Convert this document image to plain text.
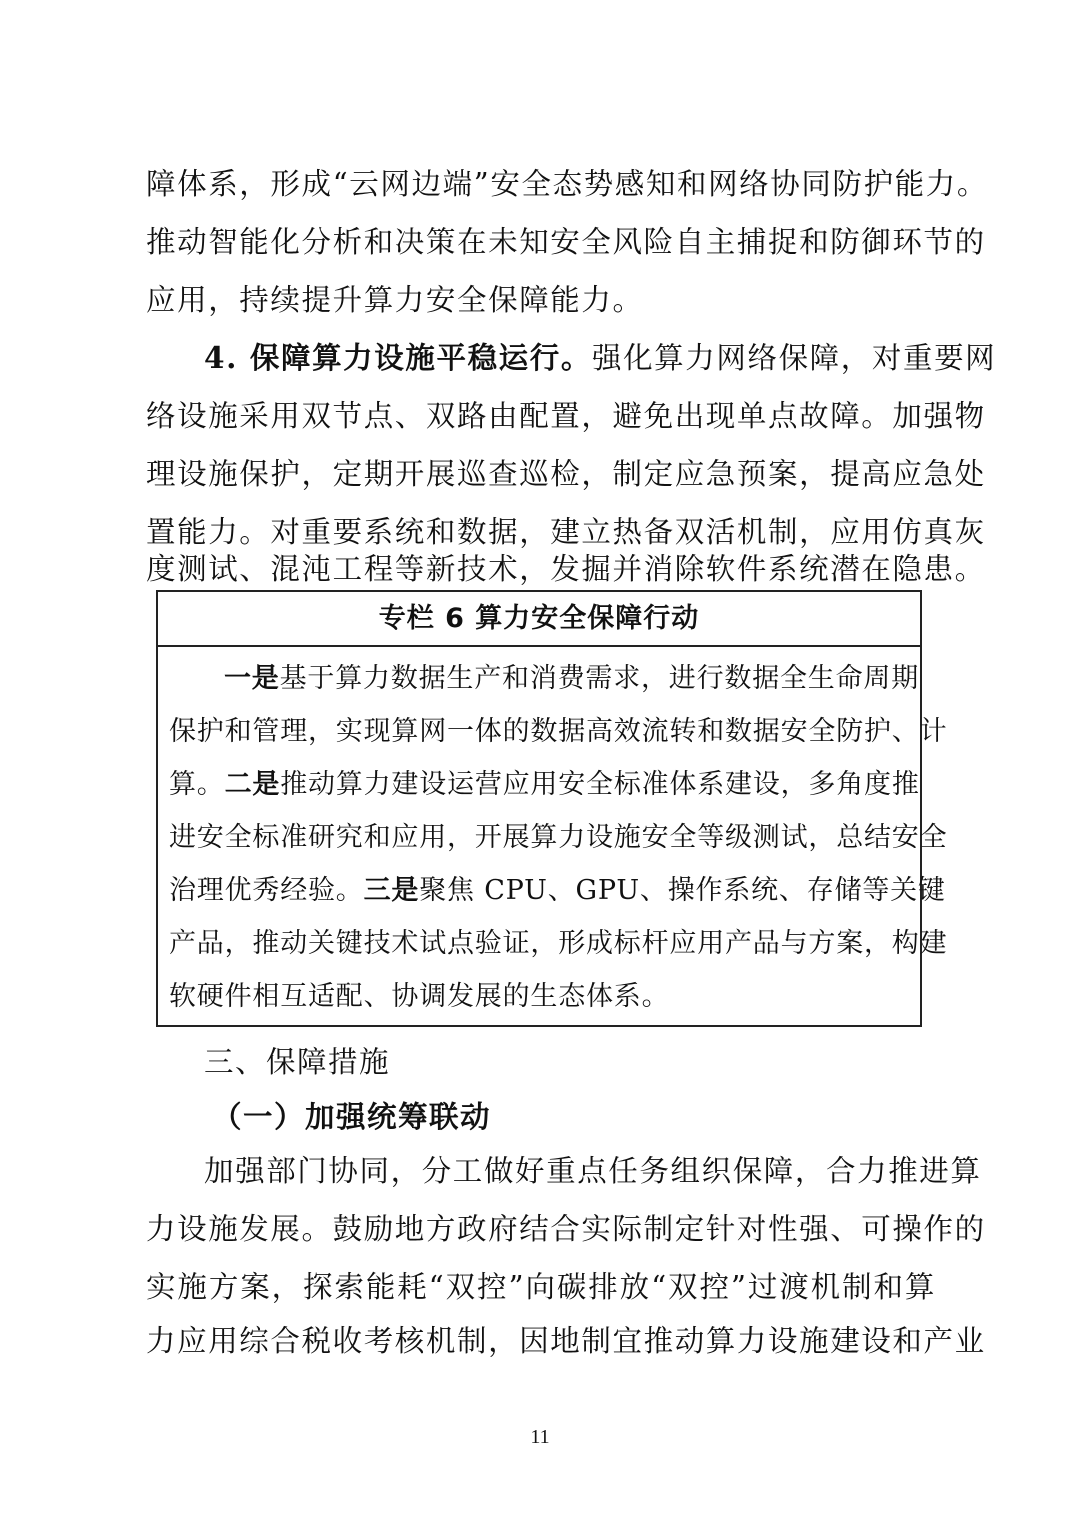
障体系，形成“云网边端”安全态势感知和网络协同防护能力。
推动智能化分析和决策在未知安全风险自主捕捉和防御环节的
应用，持续提升算力安全保障能力。
4. 保障算力设施平稳运行。强化算力网络保障，对重要网
络设施采用双节点、双路由配置，避免出现单点故障。加强物
理设施保护，定期开展巡查巡检，制定应急预案，提高应急处
置能力。对重要系统和数据，建立热备双活机制，应用仿真灰
度测试、混沌工程等新技术，发掘并消除软件系统潜在隐患。
专栏 6 算力安全保障行动
一是基于算力数据生产和消费需求，进行数据全生命周期
保护和管理，实现算网一体的数据高效流转和数据安全防护、计
算。二是推动算力建设运营应用安全标准体系建设，多角度推
进安全标准研究和应用，开展算力设施安全等级测试，总结安全
治理优秀经验。三是聚焦 CPU、GPU、操作系统、存储等关键
产品，推动关键技术试点验证，形成标杆应用产品与方案，构建
软硬件相互适配、协调发展的生态体系。
三、保障措施
（一）加强统筹联动
加强部门协同，分工做好重点任务组织保障，合力推进算
力设施发展。鼓励地方政府结合实际制定针对性强、可操作的
实施方案，探索能耗“双控”向碳排放“双控”过渡机制和算
力应用综合税收考核机制，因地制宜推动算力设施建设和产业
11
